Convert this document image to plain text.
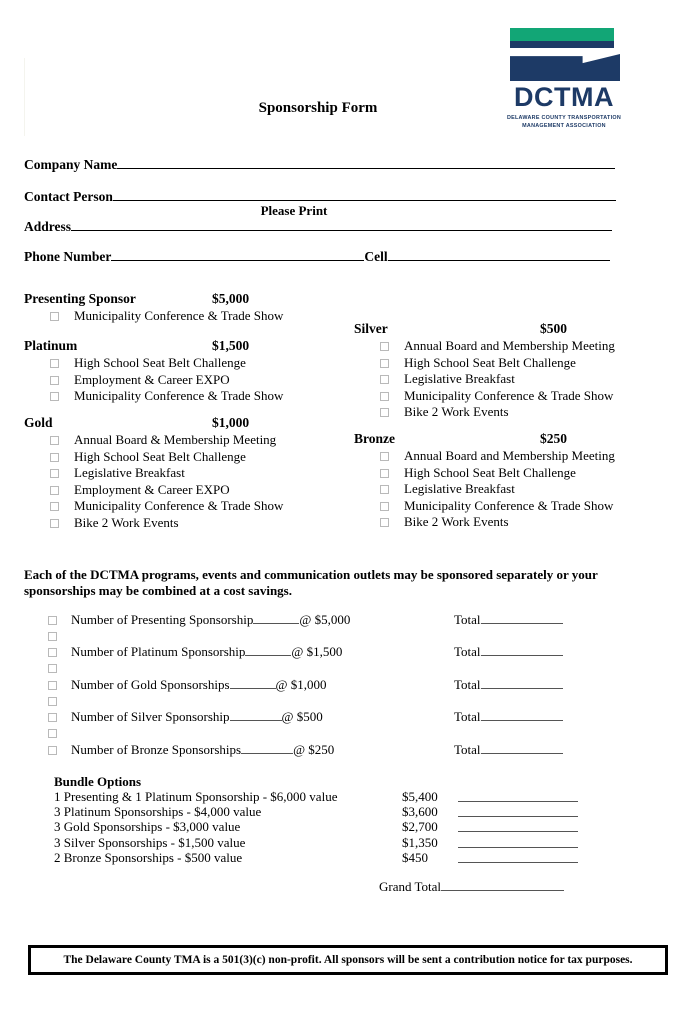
DCTMA
DELAWARE COUNTY TRANSPORTATION MANAGEMENT ASSOCIATION
Sponsorship Form
Company Name
Contact Person
Please Print
Address
Phone Number	Cell
Presenting Sponsor	$5,000
Municipality Conference & Trade Show
Platinum	$1,500
High School Seat Belt Challenge
Employment & Career EXPO
Municipality Conference & Trade Show
Gold	$1,000
Annual Board & Membership Meeting
High School Seat Belt Challenge
Legislative Breakfast
Employment & Career EXPO
Municipality Conference & Trade Show
Bike 2 Work Events
Silver	$500
Annual Board and Membership Meeting
High School Seat Belt Challenge
Legislative Breakfast
Municipality Conference & Trade Show
Bike 2 Work Events
Bronze	$250
Annual Board and Membership Meeting
High School Seat Belt Challenge
Legislative Breakfast
Municipality Conference & Trade Show
Bike 2 Work Events
Each of the DCTMA programs, events and communication outlets may be sponsored separately or your sponsorships may be combined at a cost savings.
Number of Presenting Sponsorship	@ $5,000	Total
Number of Platinum Sponsorship	@ $1,500	Total
Number of Gold Sponsorships	@ $1,000	Total
Number of Silver Sponsorship	@ $500	Total
Number of Bronze Sponsorships	@ $250	Total
Bundle Options
1 Presenting & 1 Platinum Sponsorship - $6,000 value	$5,400
3 Platinum Sponsorships - $4,000 value	$3,600
3 Gold Sponsorships - $3,000 value	$2,700
3 Silver Sponsorships - $1,500 value	$1,350
2 Bronze Sponsorships - $500 value	$450
Grand Total
The Delaware County TMA is a 501(3)(c) non-profit. All sponsors will be sent a contribution notice for tax purposes.
